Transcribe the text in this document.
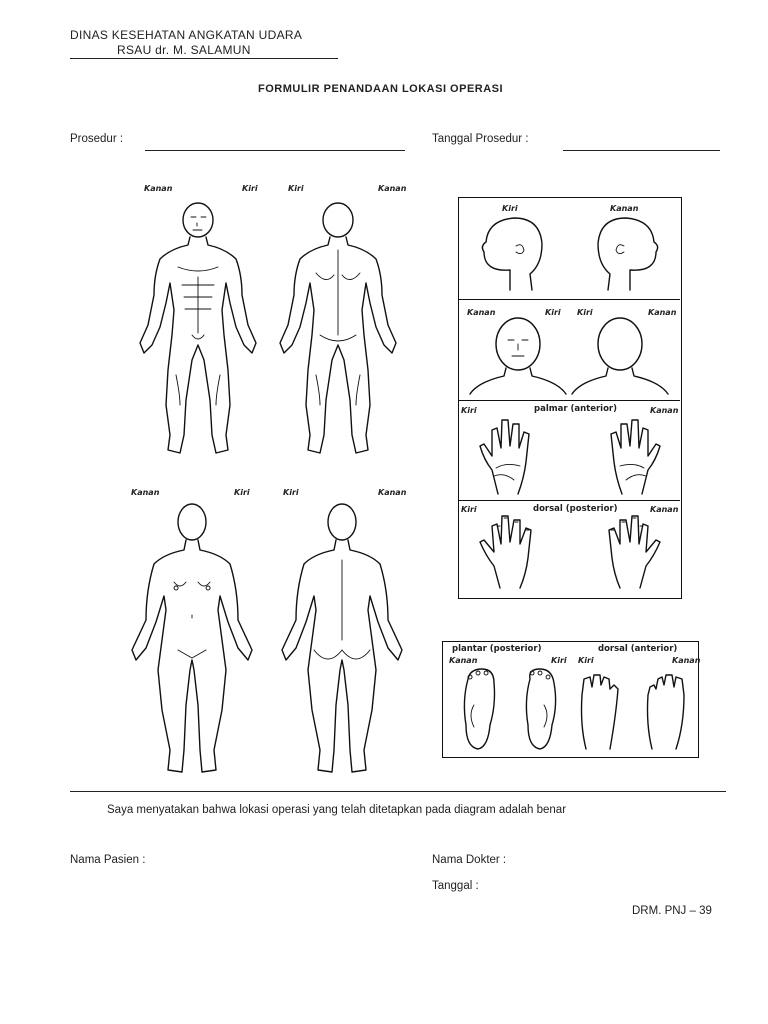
DINAS KESEHATAN ANGKATAN UDARA
RSAU dr. M. SALAMUN
FORMULIR PENANDAAN LOKASI OPERASI
Prosedur :	Tanggal Prosedur :
Kanan	Kiri	Kiri	Kanan
Kanan	Kiri	Kiri	Kanan
Kiri	Kanan
Kanan	Kiri Kiri	Kanan
Kiri	palmar (anterior)	Kanan
Kiri	dorsal (posterior)	Kanan
plantar (posterior)	dorsal (anterior)
Kanan	Kiri Kiri	Kanan
Saya menyatakan bahwa lokasi operasi yang telah ditetapkan pada diagram adalah benar
Nama Pasien :	Nama Dokter :
Tanggal :
DRM. PNJ – 39
